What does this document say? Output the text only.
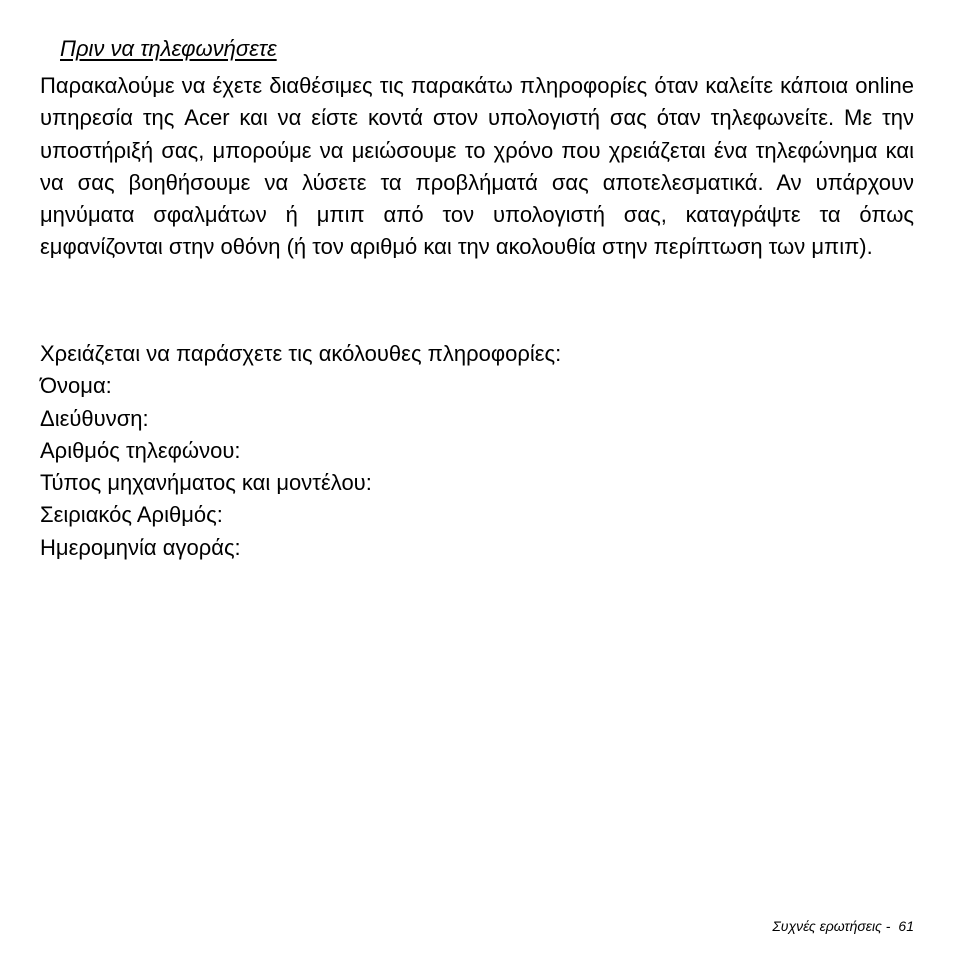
Πριν να τηλεφωνήσετε

Παρακαλούμε να έχετε διαθέσιμες τις παρακάτω πληροφορίες όταν καλείτε κάποια online υπηρεσία της Acer και να είστε κοντά στον υπολογιστή σας όταν τηλεφωνείτε. Με την υποστήριξή σας, μπορούμε να μειώσουμε το χρόνο που χρειάζεται ένα τηλεφώνημα και να σας βοηθήσουμε να λύσετε τα προβλήματά σας αποτελεσματικά. Αν υπάρχουν μηνύματα σφαλμάτων ή μπιπ από τον υπολογιστή σας, καταγράψτε τα όπως εμφανίζονται στην οθόνη (ή τον αριθμό και την ακολουθία στην περίπτωση των μπιπ).

Χρειάζεται να παράσχετε τις ακόλουθες πληροφορίες:
Όνομα:
Διεύθυνση:
Αριθμός τηλεφώνου:
Τύπος μηχανήματος και μοντέλου:
Σειριακός Αριθμός:
Ημερομηνία αγοράς:
Συχνές ερωτήσεις - 61
